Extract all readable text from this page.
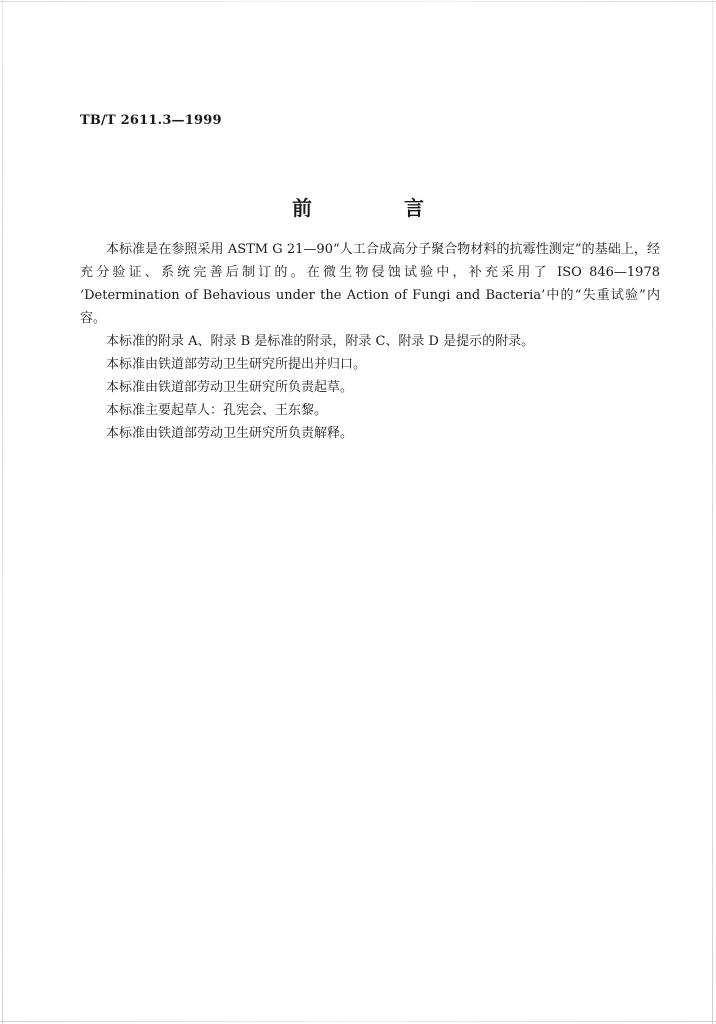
TB/T 2611.3—1999
前　言

本标准是在参照采用 ASTM G 21—90“人工合成高分子聚合物材料的抗霉性测定”的基础上，经充分验证、系统完善后制订的。在微生物侵蚀试验中，补充采用了 ISO 846—1978 ‘Determination of Behavious under the Action of Fungi and Bacteria’中的“失重试验”内容。

本标准的附录 A、附录 B 是标准的附录，附录 C、附录 D 是提示的附录。

本标准由铁道部劳动卫生研究所提出并归口。

本标准由铁道部劳动卫生研究所负责起草。

本标准主要起草人：孔宪会、王东黎。

本标准由铁道部劳动卫生研究所负责解释。
